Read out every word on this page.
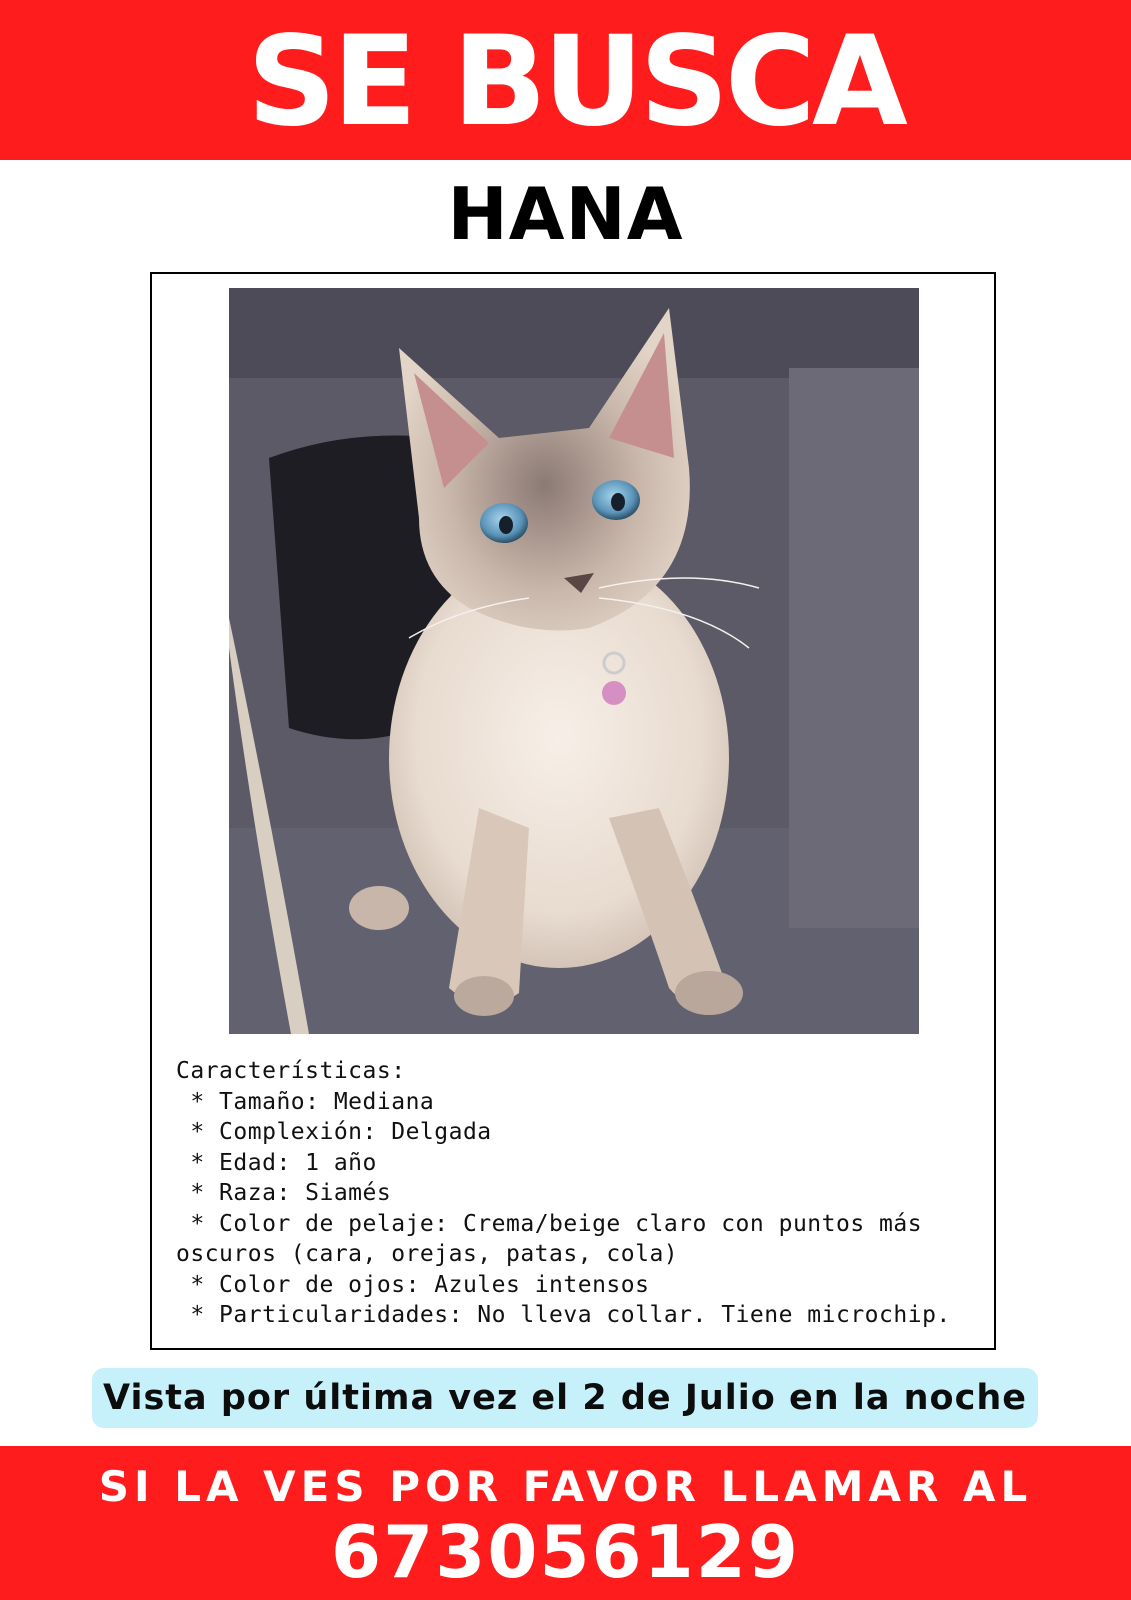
SE BUSCA
HANA
Características:
* Tamaño: Mediana
* Complexión: Delgada
* Edad: 1 año
* Raza: Siamés
* Color de pelaje: Crema/beige claro con puntos más
oscuros (cara, orejas, patas, cola)
* Color de ojos: Azules intensos
* Particularidades: No lleva collar. Tiene microchip.
Vista por última vez el 2 de Julio en la noche
SI LA VES POR FAVOR LLAMAR AL
673056129
